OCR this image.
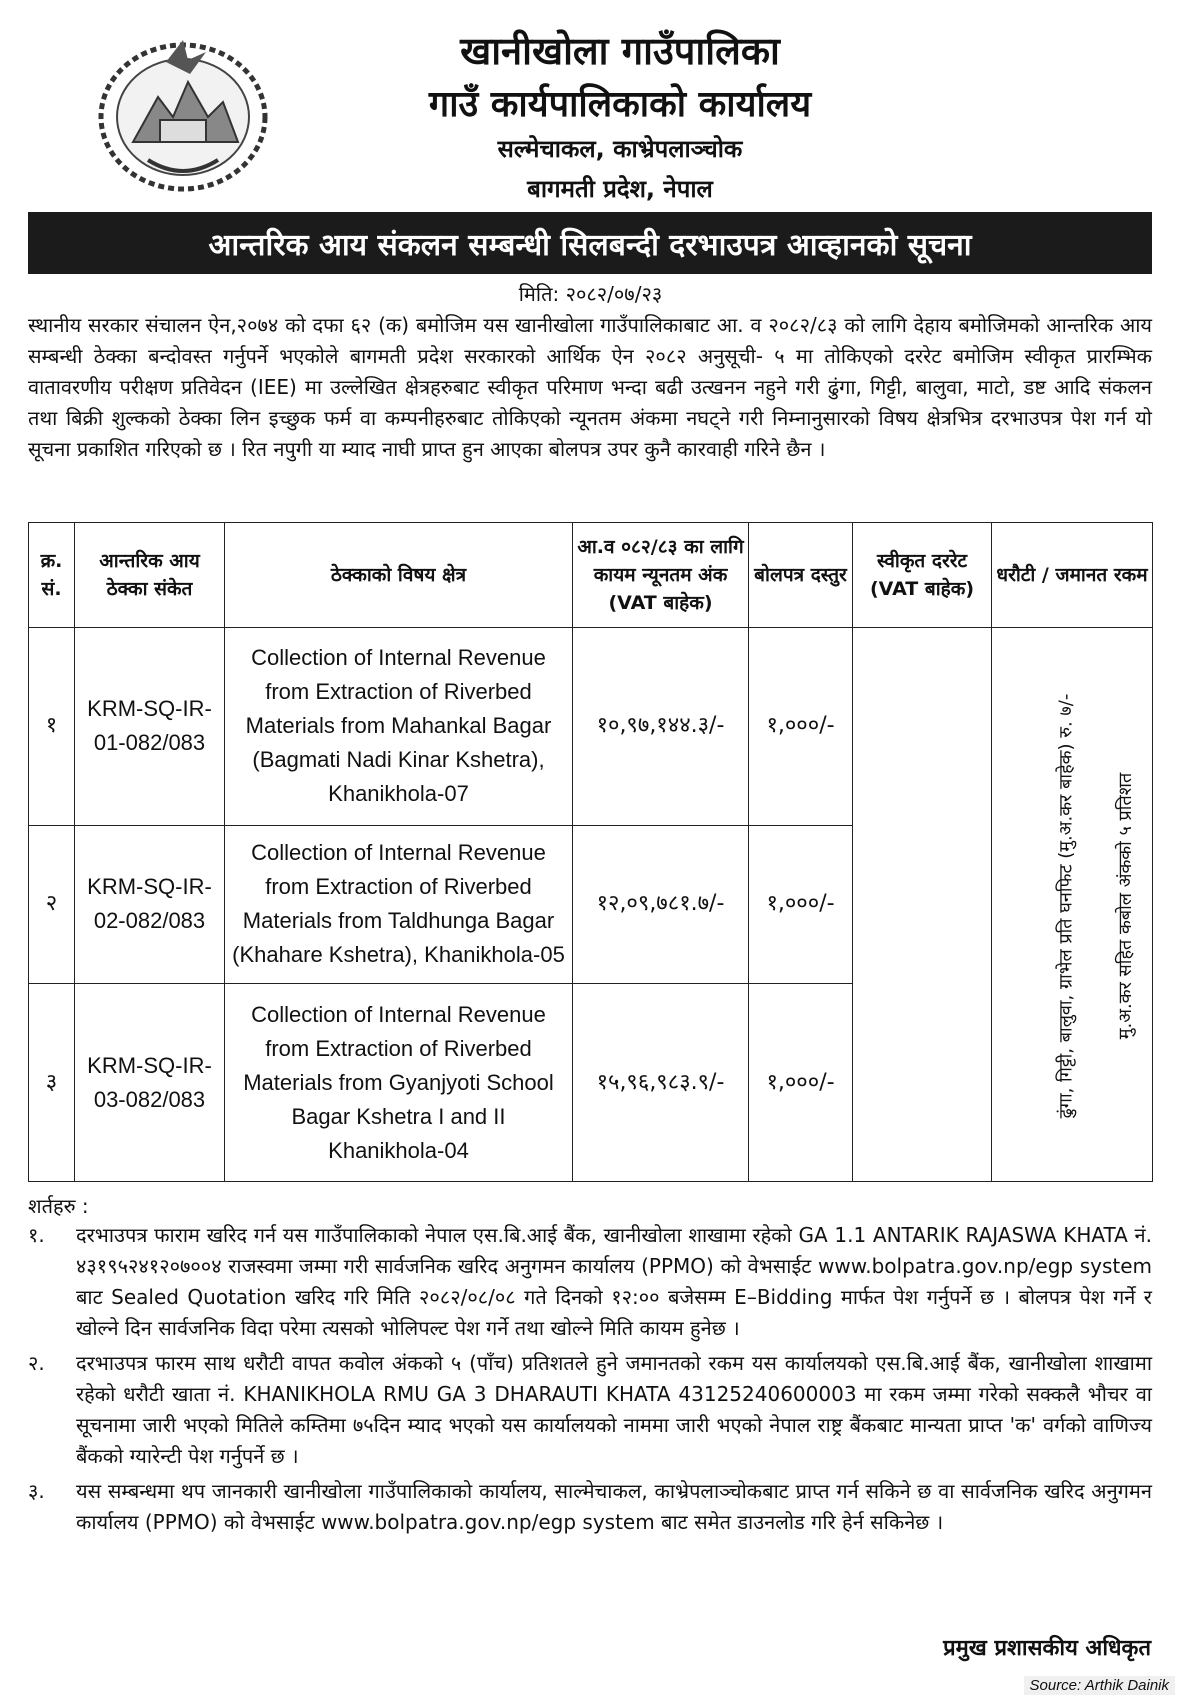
खानीखोला गाउँपालिका
गाउँ कार्यपालिकाको कार्यालय
सल्मेचाकल, काभ्रेपलाञ्चोक
बागमती प्रदेश, नेपाल
आन्तरिक आय संकलन सम्बन्धी सिलबन्दी दरभाउपत्र आव्हानको सूचना
मिति: २०८२/०७/२३
स्थानीय सरकार संचालन ऐन,२०७४ को दफा ६२ (क) बमोजिम यस खानीखोला गाउँपालिकाबाट आ. व २०८२/८३ को लागि देहाय बमोजिमको आन्तरिक आय सम्बन्धी ठेक्का बन्दोवस्त गर्नुपर्ने भएकोले बागमती प्रदेश सरकारको आर्थिक ऐन २०८२ अनुसूची- ५ मा तोकिएको दररेट बमोजिम स्वीकृत प्रारम्भिक वातावरणीय परीक्षण प्रतिवेदन (IEE) मा उल्लेखित क्षेत्रहरुबाट स्वीकृत परिमाण भन्दा बढी उत्खनन नहुने गरी ढुंगा, गिट्टी, बालुवा, माटो, डष्ट आदि संकलन तथा बिक्री शुल्कको ठेक्का लिन इच्छुक फर्म वा कम्पनीहरुबाट तोकिएको न्यूनतम अंकमा नघट्ने गरी निम्नानुसारको विषय क्षेत्रभित्र दरभाउपत्र पेश गर्न यो सूचना प्रकाशित गरिएको छ । रित नपुगी या म्याद नाघी प्राप्त हुन आएका बोलपत्र उपर कुनै कारवाही गरिने छैन ।
क्र. सं.	आन्तरिक आय ठेक्का संकेत	ठेक्काको विषय क्षेत्र	आ.व ०८२/८३ का लागि कायम न्यूनतम अंक (VAT बाहेक)	बोलपत्र दस्तुर	स्वीकृत दररेट (VAT बाहेक)	धरौटी / जमानत रकम
१	KRM-SQ-IR-01-082/083	Collection of Internal Revenue from Extraction of Riverbed Materials from Mahankal Bagar (Bagmati Nadi Kinar Kshetra), Khanikhola-07	१०,९७,१४४.३/-	१,०००/-	ढुंगा, गिट्टी, बालुवा, ग्राभेल प्रति घनफिट (मु.अ.कर बाहेक) रु. ७/-	मु.अ.कर सहित कबोल अंकको ५ प्रतिशत
२	KRM-SQ-IR-02-082/083	Collection of Internal Revenue from Extraction of Riverbed Materials from Taldhunga Bagar (Khahare Kshetra), Khanikhola-05	१२,०९,७८१.७/-	१,०००/-		
३	KRM-SQ-IR-03-082/083	Collection of Internal Revenue from Extraction of Riverbed Materials from Gyanjyoti School Bagar Kshetra I and II Khanikhola-04	१५,९६,९८३.९/-	१,०००/-		
शर्तहरु :
१.	दरभाउपत्र फाराम खरिद गर्न यस गाउँपालिकाको नेपाल एस.बि.आई बैंक, खानीखोला शाखामा रहेको GA 1.1 ANTARIK RAJASWA KHATA नं. ४३१९५२४१२०७००४ राजस्वमा जम्मा गरी सार्वजनिक खरिद अनुगमन कार्यालय (PPMO) को वेभसाईट www.bolpatra.gov.np/egp system बाट Sealed Quotation खरिद गरि मिति २०८२/०८/०८ गते दिनको १२:०० बजेसम्म E–Bidding मार्फत पेश गर्नुपर्ने छ । बोलपत्र पेश गर्ने र खोल्ने दिन सार्वजनिक विदा परेमा त्यसको भोलिपल्ट पेश गर्ने तथा खोल्ने मिति कायम हुनेछ ।
२.	दरभाउपत्र फारम साथ धरौटी वापत कवोल अंकको ५ (पाँच) प्रतिशतले हुने जमानतको रकम यस कार्यालयको एस.बि.आई बैंक, खानीखोला शाखामा रहेको धरौटी खाता नं. KHANIKHOLA RMU GA 3 DHARAUTI KHATA 43125240600003 मा रकम जम्मा गरेको सक्कलै भौचर वा सूचनामा जारी भएको मितिले कम्तिमा ७५दिन म्याद भएको यस कार्यालयको नाममा जारी भएको नेपाल राष्ट्र बैंकबाट मान्यता प्राप्त 'क' वर्गको वाणिज्य बैंकको ग्यारेन्टी पेश गर्नुपर्ने छ ।
३.	यस सम्बन्धमा थप जानकारी खानीखोला गाउँपालिकाको कार्यालय, साल्मेचाकल, काभ्रेपलाञ्चोकबाट प्राप्त गर्न सकिने छ वा सार्वजनिक खरिद अनुगमन कार्यालय (PPMO) को वेभसाईट www.bolpatra.gov.np/egp system बाट समेत डाउनलोड गरि हेर्न सकिनेछ ।
प्रमुख प्रशासकीय अधिकृत
Source: Arthik Dainik
